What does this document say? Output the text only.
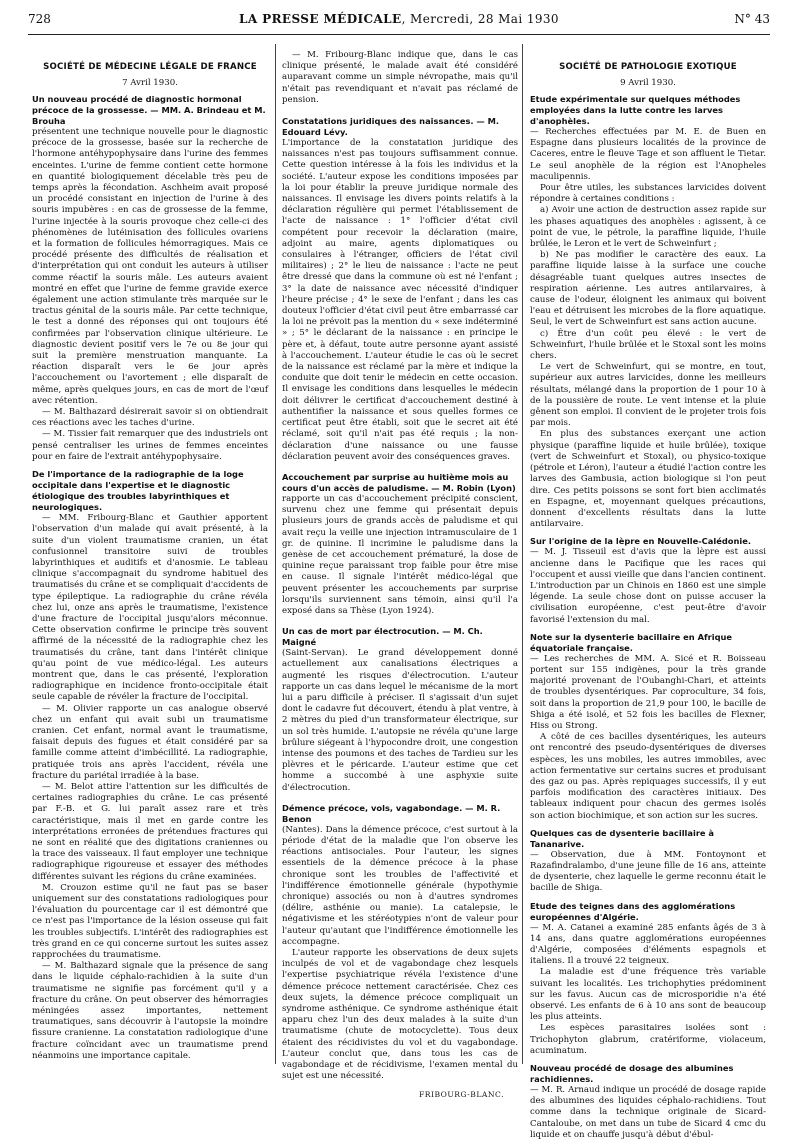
728	LA PRESSE MÉDICALE, Mercredi, 28 Mai 1930	N° 43
SOCIÉTÉ DE MÉDECINE LÉGALE DE FRANCE
7 Avril 1930.
Un nouveau procédé de diagnostic hormonal précoce de la grossesse. — MM. A. Brindeau et M. Brouha

présentent une technique nouvelle pour le diagnostic précoce de la grossesse, basée sur la recherche de l'hormone antéhypophysaire dans l'urine des femmes enceintes. L'urine de femme contient cette hormone en quantité biologiquement décelable très peu de temps après la fécondation. Aschheim avait proposé un procédé consistant en injection de l'urine à des souris impubères : en cas de grossesse de la femme, l'urine injectée à la souris provoque chez celle-ci des phénomènes de lutéinisation des follicules ovariens et la formation de follicules hémorragiques. Mais ce procédé présente des difficultés de réalisation et d'interprétation qui ont conduit les auteurs à utiliser comme réactif la souris mâle. Les auteurs avaient montré en effet que l'urine de femme gravide exerce également une action stimulante très marquée sur le tractus génital de la souris mâle. Par cette technique, le test a donné des réponses qui ont toujours été confirmées par l'observation clinique ultérieure. Le diagnostic devient positif vers le 7e ou 8e jour qui suit la première menstruation manquante. La réaction disparaît vers le 6e jour après l'accouchement ou l'avortement ; elle disparaît de même, après quelques jours, en cas de mort de l'œuf avec rétention.

— M. Balthazard désirerait savoir si on obtiendrait ces réactions avec les taches d'urine.

— M. Tissier fait remarquer que des industriels ont pensé centraliser les urines de femmes enceintes pour en faire de l'extrait antéhypophysaire.

De l'importance de la radiographie de la loge occipitale dans l'expertise et le diagnostic étiologique des troubles labyrinthiques et neurologiques.

— MM. Fribourg-Blanc et Gauthier apportent l'observation d'un malade qui avait présenté, à la suite d'un violent traumatisme cranien, un état confusionnel transitoire suivi de troubles labyrinthiques et auditifs et d'anosmie. Le tableau clinique s'accompagnait du syndrome habituel des traumatisés du crâne et se compliquait d'accidents de type épileptique. La radiographie du crâne révéla chez lui, onze ans après le traumatisme, l'existence d'une fracture de l'occipital jusqu'alors méconnue. Cette observation confirme le principe très souvent affirmé de la nécessité de la radiographie chez les traumatisés du crâne, tant dans l'intérêt clinique qu'au point de vue médico-légal. Les auteurs montrent que, dans le cas présenté, l'exploration radiographique en incidence fronto-occipitale était seule capable de révéler la fracture de l'occipital.

— M. Olivier rapporte un cas analogue observé chez un enfant qui avait subi un traumatisme cranien. Cet enfant, normal avant le traumatisme, faisait depuis des fugues et était considéré par sa famille comme atteint d'imbécillité. La radiographie, pratiquée trois ans après l'accident, révéla une fracture du pariétal irradiée à la base.

— M. Belot attire l'attention sur les difficultés de certaines radiographies du crâne. Le cas présenté par F.-B. et G. lui paraît assez rare et très caractéristique, mais il met en garde contre les interprétations erronées de prétendues fractures qui ne sont en réalité que des digitations craniennes ou la trace des vaisseaux. Il faut employer une technique radiographique rigoureuse et essayer des méthodes différentes suivant les régions du crâne examinées.

M. Crouzon estime qu'il ne faut pas se baser uniquement sur des constatations radiologiques pour l'évaluation du pourcentage car il est démontré que ce n'est pas l'importance de la lésion osseuse qui fait les troubles subjectifs. L'intérêt des radiographies est très grand en ce qui concerne surtout les suites assez rapprochées du traumatisme.

— M. Balthazard signale que la présence de sang dans le liquide céphalo-rachidien à la suite d'un traumatisme ne signifie pas forcément qu'il y a fracture du crâne. On peut observer des hémorragies méningées assez importantes, nettement traumatiques, sans découvrir à l'autopsie la moindre fissure cranienne. La constatation radiologique d'une fracture coïncidant avec un traumatisme prend néanmoins une importance capitale.

— M. Fribourg-Blanc indique que, dans le cas clinique présenté, le malade avait été considéré auparavant comme un simple névropathe, mais qu'il n'était pas revendiquant et n'avait pas réclamé de pension.

Constatations juridiques des naissances. — M. Edouard Lévy.

L'importance de la constatation juridique des naissances n'est pas toujours suffisamment connue. Cette question intéresse à la fois les individus et la société. L'auteur expose les conditions imposées par la loi pour établir la preuve juridique normale des naissances. Il envisage les divers points relatifs à la déclaration régulière qui permet l'établissement de l'acte de naissance : 1° l'officier d'état civil compétent pour recevoir la déclaration (maire, adjoint au maire, agents diplomatiques ou consulaires à l'étranger, officiers de l'état civil militaires) ; 2° le lieu de naissance : l'acte ne peut être dressé que dans la commune où est né l'enfant ; 3° la date de naissance avec nécessité d'indiquer l'heure précise ; 4° le sexe de l'enfant ; dans les cas douteux l'officier d'état civil peut être embarrassé car la loi ne prévoit pas la mention du « sexe indéterminé » ; 5° le déclarant de la naissance : en principe le père et, à défaut, toute autre personne ayant assisté à l'accouchement. L'auteur étudie le cas où le secret de la naissance est réclamé par la mère et indique la conduite que doit tenir le médecin en cette occasion. Il envisage les conditions dans lesquelles le médecin doit délivrer le certificat d'accouchement destiné à authentifier la naissance et sous quelles formes ce certificat peut être établi, soit que le secret ait été réclamé, soit qu'il n'ait pas été requis ; la non-déclaration d'une naissance ou une fausse déclaration peuvent avoir des conséquences graves.

Accouchement par surprise au huitième mois au cours d'un accès de paludisme. — M. Robin (Lyon)

rapporte un cas d'accouchement précipité conscient, survenu chez une femme qui présentait depuis plusieurs jours de grands accès de paludisme et qui avait reçu la veille une injection intramusculaire de 1 gr. de quinine. Il incrimine le paludisme dans la genèse de cet accouchement prématuré, la dose de quinine reçue paraissant trop faible pour être mise en cause. Il signale l'intérêt médico-légal que peuvent présenter les accouchements par surprise lorsqu'ils surviennent sans témoin, ainsi qu'il l'a exposé dans sa Thèse (Lyon 1924).

Un cas de mort par électrocution. — M. Ch. Maigné

(Saint-Servan). Le grand développement donné actuellement aux canalisations électriques a augmenté les risques d'électrocution. L'auteur rapporte un cas dans lequel le mécanisme de la mort lui a paru difficile à préciser. Il s'agissait d'un sujet dont le cadavre fut découvert, étendu à plat ventre, à 2 mètres du pied d'un transformateur électrique, sur un sol très humide. L'autopsie ne révéla qu'une large brûlure siégeant à l'hypocondre droit, une congestion intense des poumons et des taches de Tardieu sur les plèvres et le péricarde. L'auteur estime que cet homme a succombé à une asphyxie suite d'électrocution.

Démence précoce, vols, vagabondage. — M. R. Benon

(Nantes). Dans la démence précoce, c'est surtout à la période d'état de la maladie que l'on observe les réactions antisociales. Pour l'auteur, les signes essentiels de la démence précoce à la phase chronique sont les troubles de l'affectivité et l'indifférence émotionnelle générale (hypothymie chronique) associés ou non à d'autres syndromes (délire, asthénie ou manie). La catalepsie, le négativisme et les stéréotypies n'ont de valeur pour l'auteur qu'autant que l'indifférence émotionnelle les accompagne.

L'auteur rapporte les observations de deux sujets inculpés de vol et de vagabondage chez lesquels l'expertise psychiatrique révéla l'existence d'une démence précoce nettement caractérisée. Chez ces deux sujets, la démence précoce compliquait un syndrome asthénique. Ce syndrome asthénique était apparu chez l'un des deux malades à la suite d'un traumatisme (chute de motocyclette). Tous deux étaient des récidivistes du vol et du vagabondage. L'auteur conclut que, dans tous les cas de vagabondage et de récidivisme, l'examen mental du sujet est une nécessité.

FRIBOURG-BLANC.
SOCIÉTÉ DE PATHOLOGIE EXOTIQUE
9 Avril 1930.
Etude expérimentale sur quelques méthodes employées dans la lutte contre les larves d'anophèles.

— Recherches effectuées par M. E. de Buen en Espagne dans plusieurs localités de la province de Caceres, entre le fleuve Tage et son affluent le Tietar. Le seul anophèle de la région est l'Anopheles maculipennis.

Pour être utiles, les substances larvicides doivent répondre à certaines conditions :

a) Avoir une action de destruction assez rapide sur les phases aquatiques des anophèles : agissent, à ce point de vue, le pétrole, la paraffine liquide, l'huile brûlée, le Leron et le vert de Schweinfurt ;

b) Ne pas modifier le caractère des eaux. La paraffine liquide laisse à la surface une couche désagréable tuant quelques autres insectes de respiration aérienne. Les autres antilarvaires, à cause de l'odeur, éloignent les animaux qui boivent l'eau et détruisent les microbes de la flore aquatique. Seul, le vert de Schweinfurt est sans action aucune.

c) Être d'un coût peu élevé : le vert de Schweinfurt, l'huile brûlée et le Stoxal sont les moins chers.

Le vert de Schweinfurt, qui se montre, en tout, supérieur aux autres larvicides, donne les meilleurs résultats, mélangé dans la proportion de 1 pour 10 à de la poussière de route. Le vent intense et la pluie gênent son emploi. Il convient de le projeter trois fois par mois.

En plus des substances exerçant une action physique (paraffine liquide et huile brûlée), toxique (vert de Schweinfurt et Stoxal), ou physico-toxique (pétrole et Léron), l'auteur a étudié l'action contre les larves des Gambusia, action biologique si l'on peut dire. Ces petits poissons se sont fort bien acclimatés en Espagne, et, moyennant quelques précautions, donnent d'excellents résultats dans la lutte antilarvaire.

Sur l'origine de la lèpre en Nouvelle-Calédonie.

— M. J. Tisseuil est d'avis que la lèpre est aussi ancienne dans le Pacifique que les races qui l'occupent et aussi vieille que dans l'ancien continent. L'introduction par un Chinois en 1860 est une simple légende. La seule chose dont on puisse accuser la civilisation européenne, c'est peut-être d'avoir favorisé l'extension du mal.

Note sur la dysenterie bacillaire en Afrique équatoriale française.

— Les recherches de MM. A. Sicé et R. Boisseau portent sur 155 indigènes, pour la très grande majorité provenant de l'Oubanghi-Chari, et atteints de troubles dysentériques. Par coproculture, 34 fois, soit dans la proportion de 21,9 pour 100, le bacille de Shiga a été isolé, et 52 fois les bacilles de Flexner, Hiss ou Strong.

A côté de ces bacilles dysentériques, les auteurs ont rencontré des pseudo-dysentériques de diverses espèces, les uns mobiles, les autres immobiles, avec action fermentative sur certains sucres et produisant des gaz ou pas. Après repiquages successifs, il y eut parfois modification des caractères initiaux. Des tableaux indiquent pour chacun des germes isolés son action biochimique, et son action sur les sucres.

Quelques cas de dysenterie bacillaire à Tananarive.

— Observation, due à MM. Fontoynont et Razafindralambo, d'une jeune fille de 16 ans, atteinte de dysenterie, chez laquelle le germe reconnu était le bacille de Shiga.

Etude des teignes dans des agglomérations européennes d'Algérie.

— M. A. Catanei a examiné 285 enfants âgés de 3 à 14 ans, dans quatre agglomérations européennes d'Algérie, composées d'éléments espagnols et italiens. Il a trouvé 22 teigneux.

La maladie est d'une fréquence très variable suivant les localités. Les trichophyties prédominent sur les favus. Aucun cas de microsporidie n'a été observé. Les enfants de 6 à 10 ans sont de beaucoup les plus atteints.

Les espèces parasitaires isolées sont : Trichophyton glabrum, cratériforme, violaceum, acuminatum.

Nouveau procédé de dosage des albumines rachidiennes.

— M. R. Arnaud indique un procédé de dosage rapide des albumines des liquides céphalo-rachidiens. Tout comme dans la technique originale de Sicard-Cantaloube, on met dans un tube de Sicard 4 cmc du liquide et on chauffe jusqu'à début d'ébul-
